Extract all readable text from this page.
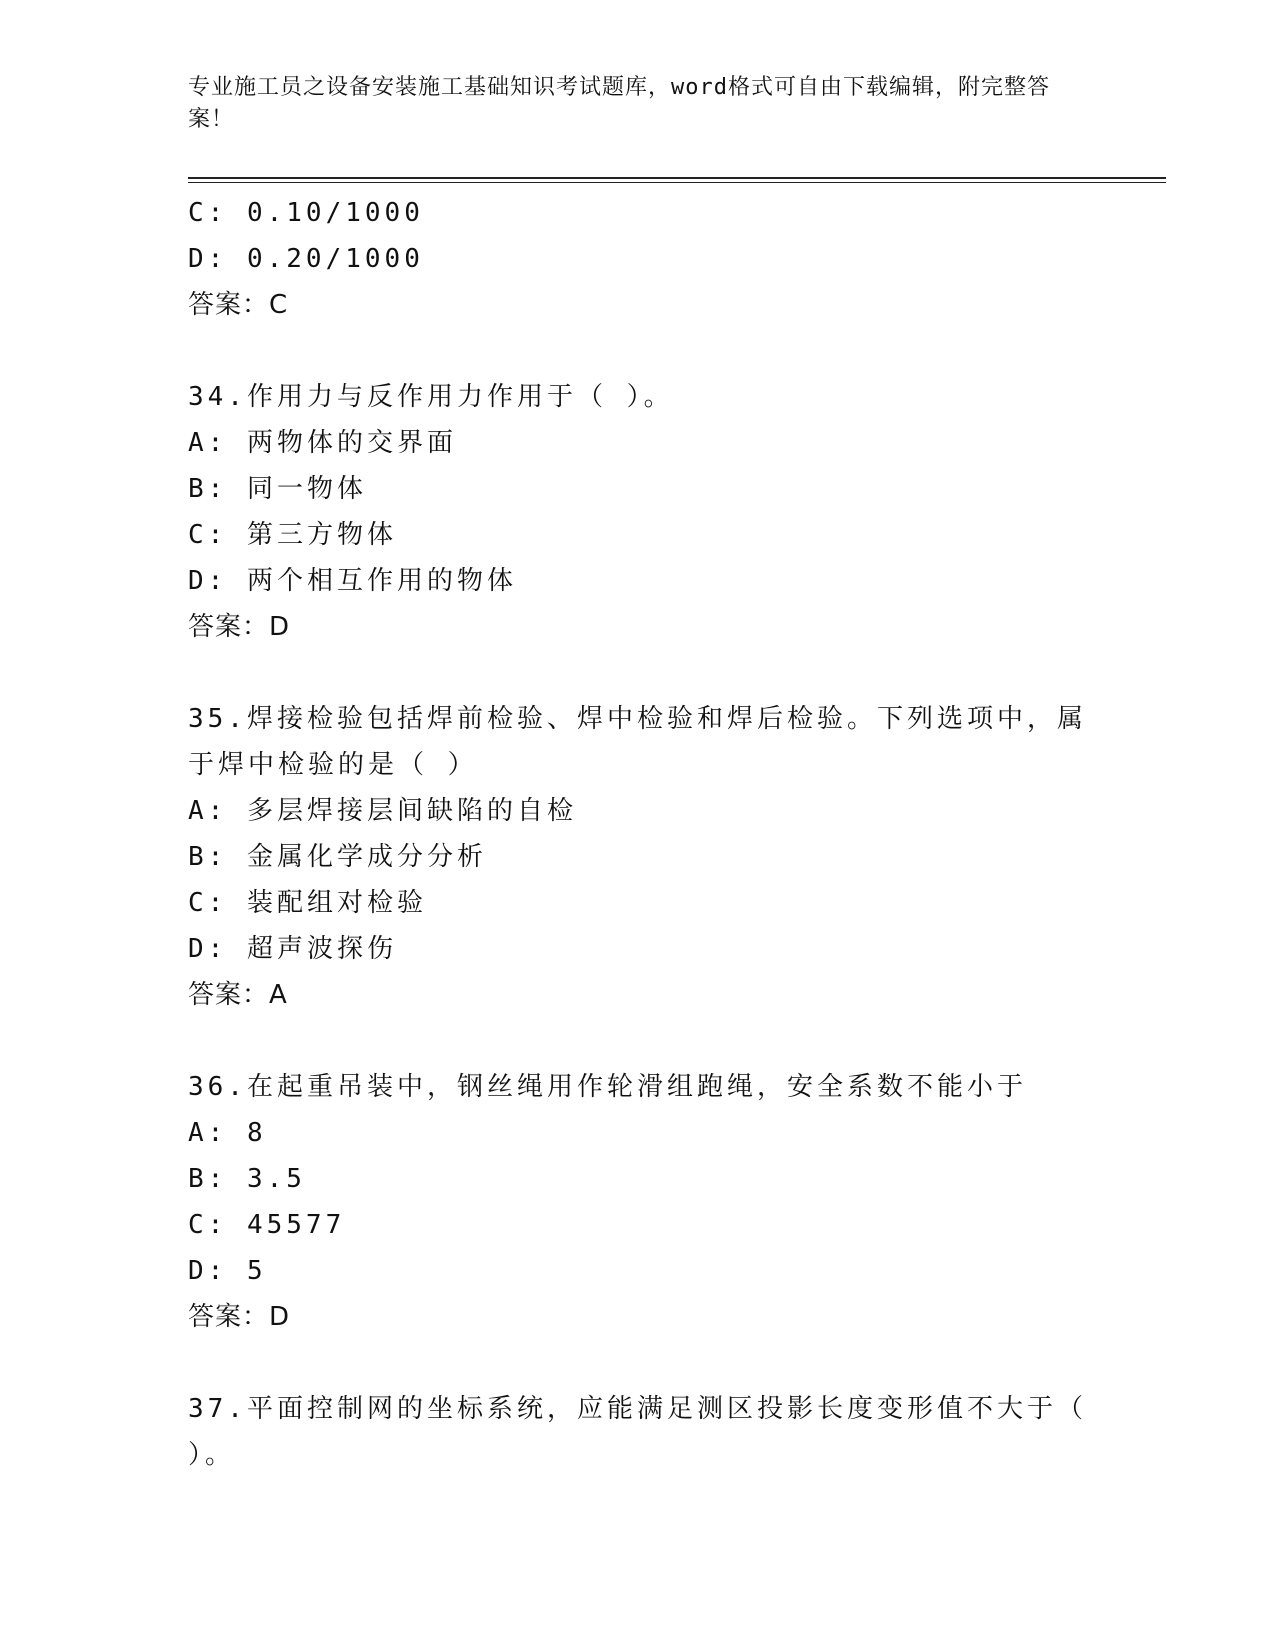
专业施工员之设备安装施工基础知识考试题库，word格式可自由下载编辑，附完整答案！
C: 0.10/1000
D: 0.20/1000
答案：C
34.作用力与反作用力作用于（ ）。
A: 两物体的交界面
B: 同一物体
C: 第三方物体
D: 两个相互作用的物体
答案：D
35.焊接检验包括焊前检验、焊中检验和焊后检验。下列选项中，属于焊中检验的是（ ）
A: 多层焊接层间缺陷的自检
B: 金属化学成分分析
C: 装配组对检验
D: 超声波探伤
答案：A
36.在起重吊装中，钢丝绳用作轮滑组跑绳，安全系数不能小于
A: 8
B: 3.5
C: 45577
D: 5
答案：D
37.平面控制网的坐标系统，应能满足测区投影长度变形值不大于（ ）。
